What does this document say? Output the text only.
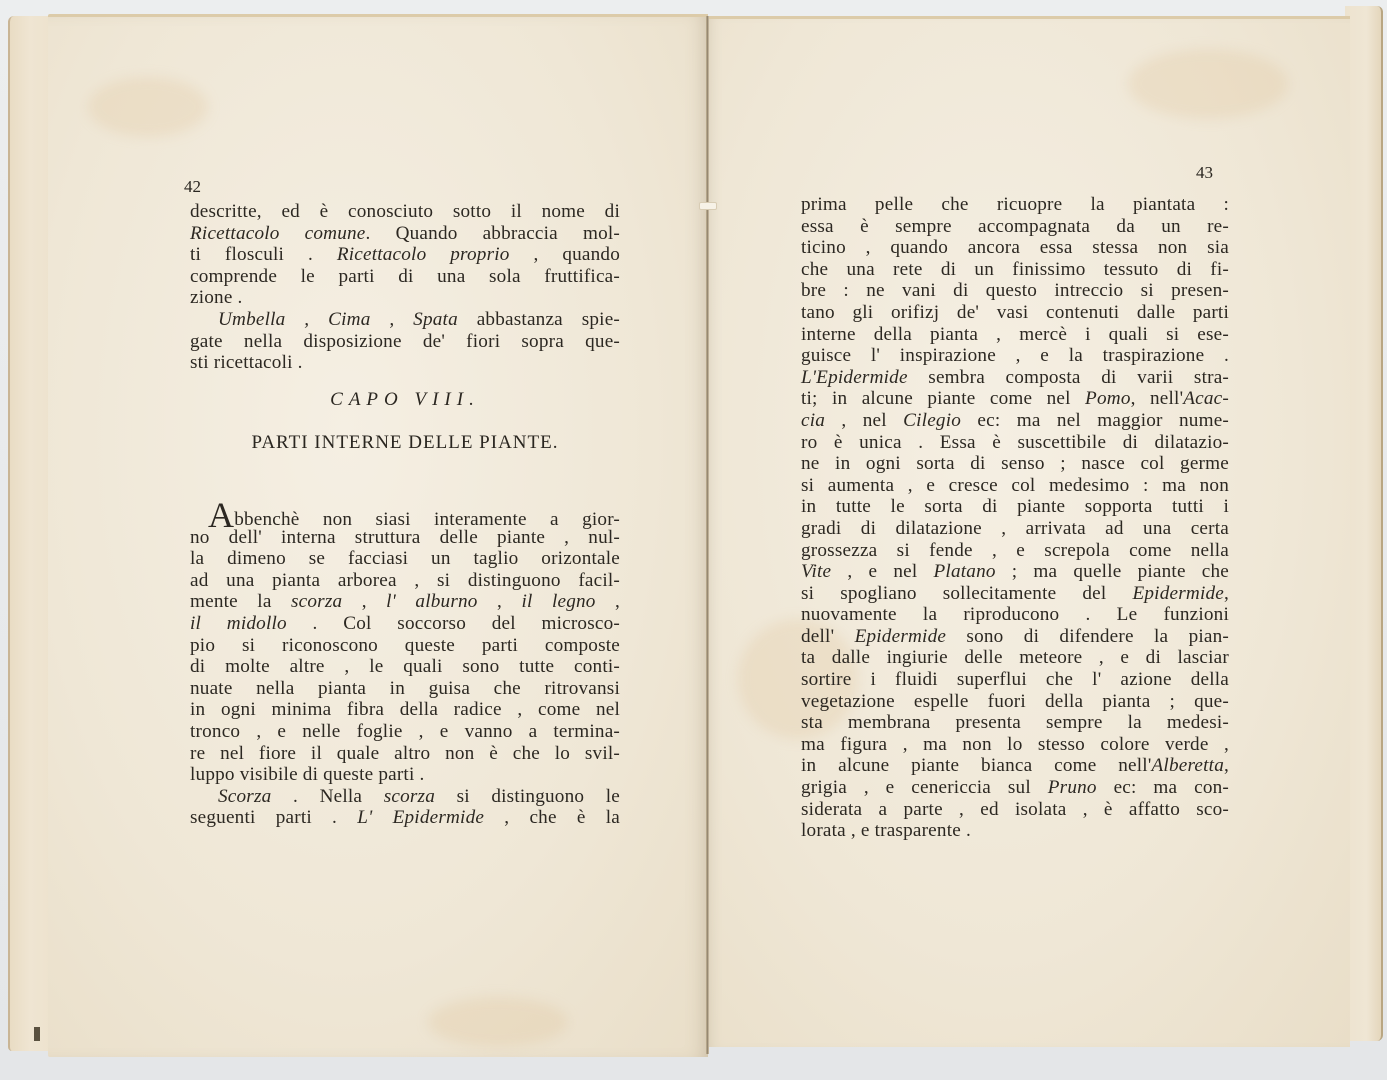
42
descritte, ed è conosciuto sotto il nome di
Ricettacolo comune. Quando abbraccia mol-
ti flosculi . Ricettacolo proprio , quando
comprende le parti di una sola fruttifica-
zione .
Umbella , Cima , Spata abbastanza spie-
gate nella disposizione de' fiori sopra que-
sti ricettacoli .
CAPO VIII.
PARTI INTERNE DELLE PIANTE.
Abbenchè non siasi interamente a gior-
no dell' interna struttura delle piante , nul-
la dimeno se facciasi un taglio orizontale
ad una pianta arborea , si distinguono facil-
mente la scorza , l' alburno , il legno ,
il midollo . Col soccorso del microsco-
pio si riconoscono queste parti composte
di molte altre , le quali sono tutte conti-
nuate nella pianta in guisa che ritrovansi
in ogni minima fibra della radice , come nel
tronco , e nelle foglie , e vanno a termina-
re nel fiore il quale altro non è che lo svil-
luppo visibile di queste parti .
Scorza . Nella scorza si distinguono le
seguenti parti . L' Epidermide , che è la
43
prima pelle che ricuopre la piantata :
essa è sempre accompagnata da un re-
ticino , quando ancora essa stessa non sia
che una rete di un finissimo tessuto di fi-
bre : ne vani di questo intreccio si presen-
tano gli orifizj de' vasi contenuti dalle parti
interne della pianta , mercè i quali si ese-
guisce l' inspirazione , e la traspirazione .
L'Epidermide sembra composta di varii stra-
ti; in alcune piante come nel Pomo, nell'Acac-
cia , nel Cilegio ec: ma nel maggior nume-
ro è unica . Essa è suscettibile di dilatazio-
ne in ogni sorta di senso ; nasce col germe
si aumenta , e cresce col medesimo : ma non
in tutte le sorta di piante sopporta tutti i
gradi di dilatazione , arrivata ad una certa
grossezza si fende , e screpola come nella
Vite , e nel Platano ; ma quelle piante che
si spogliano sollecitamente del Epidermide,
nuovamente la riproducono . Le funzioni
dell' Epidermide sono di difendere la pian-
ta dalle ingiurie delle meteore , e di lasciar
sortire i fluidi superflui che l' azione della
vegetazione espelle fuori della pianta ; que-
sta membrana presenta sempre la medesi-
ma figura , ma non lo stesso colore verde ,
in alcune piante bianca come nell'Alberetta,
grigia , e cenericcia sul Pruno ec: ma con-
siderata a parte , ed isolata , è affatto sco-
lorata , e trasparente .
